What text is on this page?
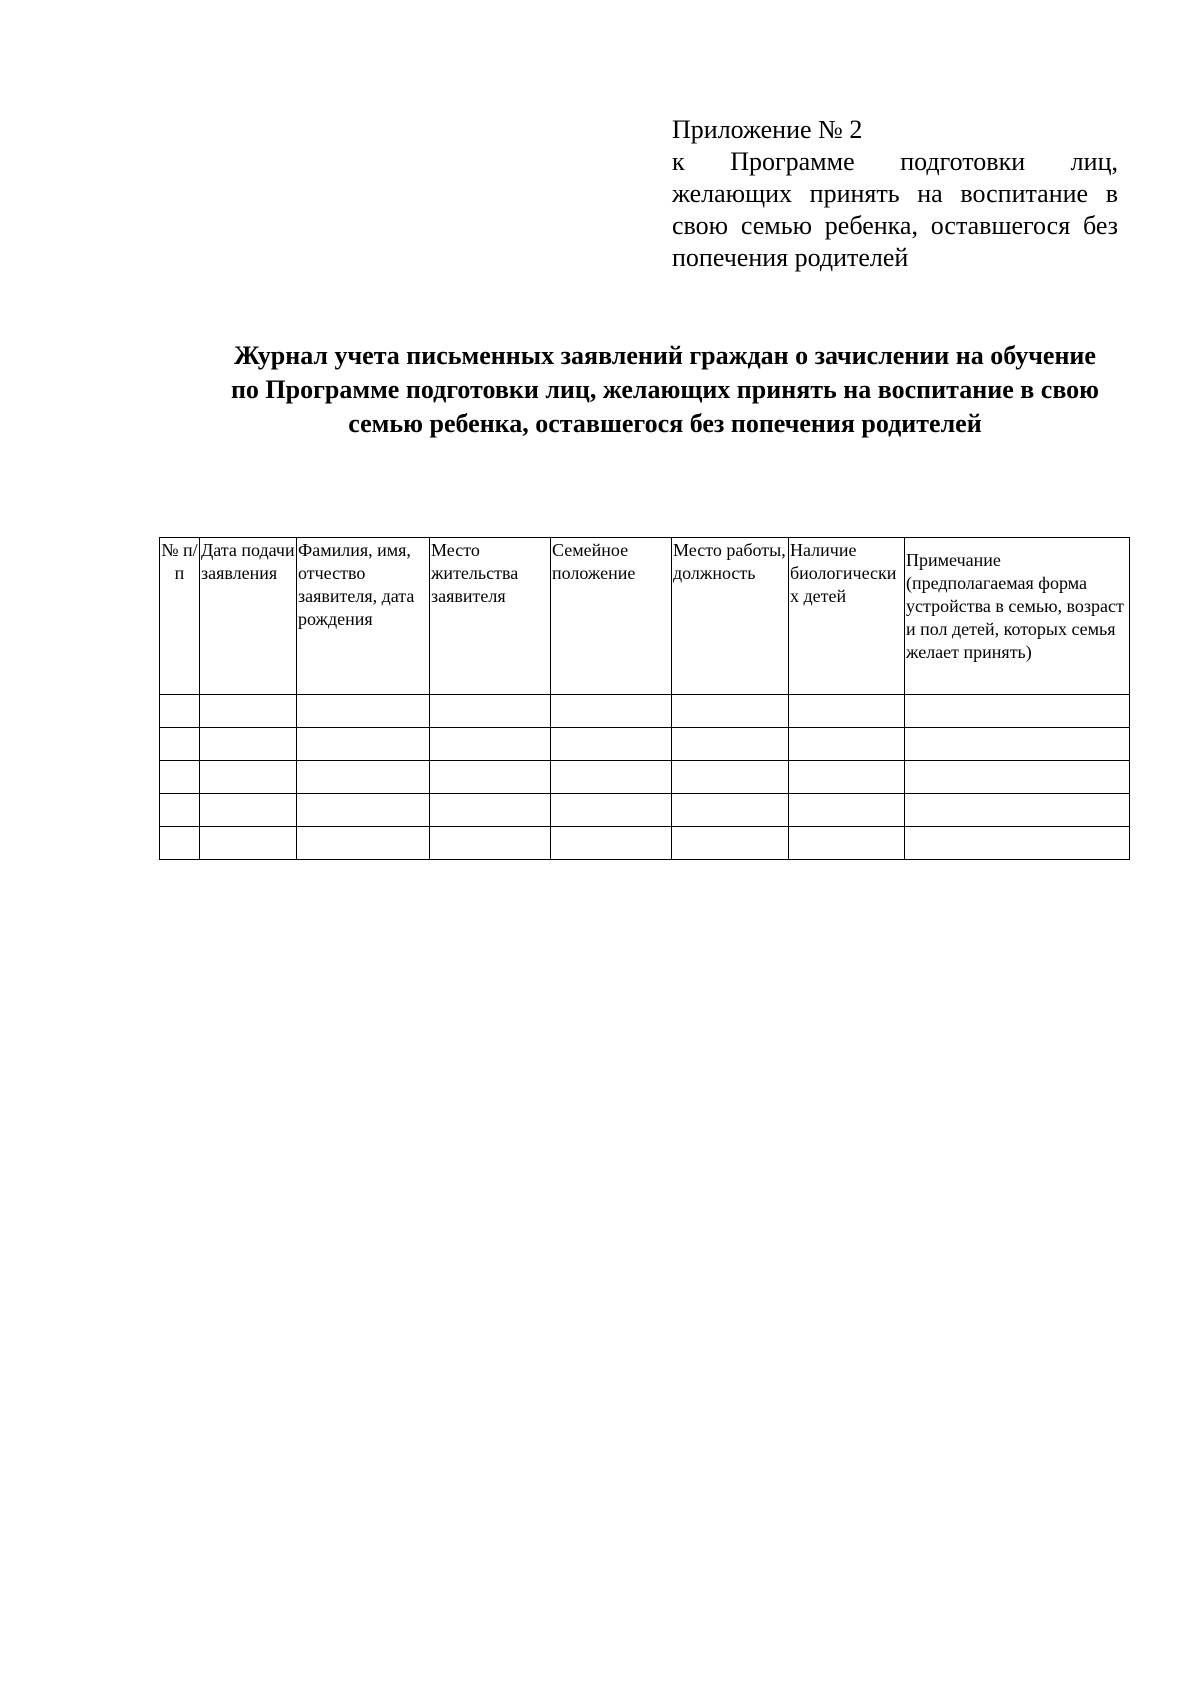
Приложение № 2
к Программе подготовки лиц, желающих принять на воспитание в свою семью ребенка, оставшегося без попечения родителей
Журнал учета письменных заявлений граждан о зачислении на обучение по Программе подготовки лиц, желающих принять на воспитание в свою семью ребенка, оставшегося без попечения родителей
№ п/п	Дата подачи заявления	Фамилия, имя, отчество заявителя, дата рождения	Место жительства заявителя	Семейное положение	Место работы, должность	Наличие биологических детей	Примечание (предполагаемая форма устройства в семью, возраст и пол детей, которых семья желает принять)
